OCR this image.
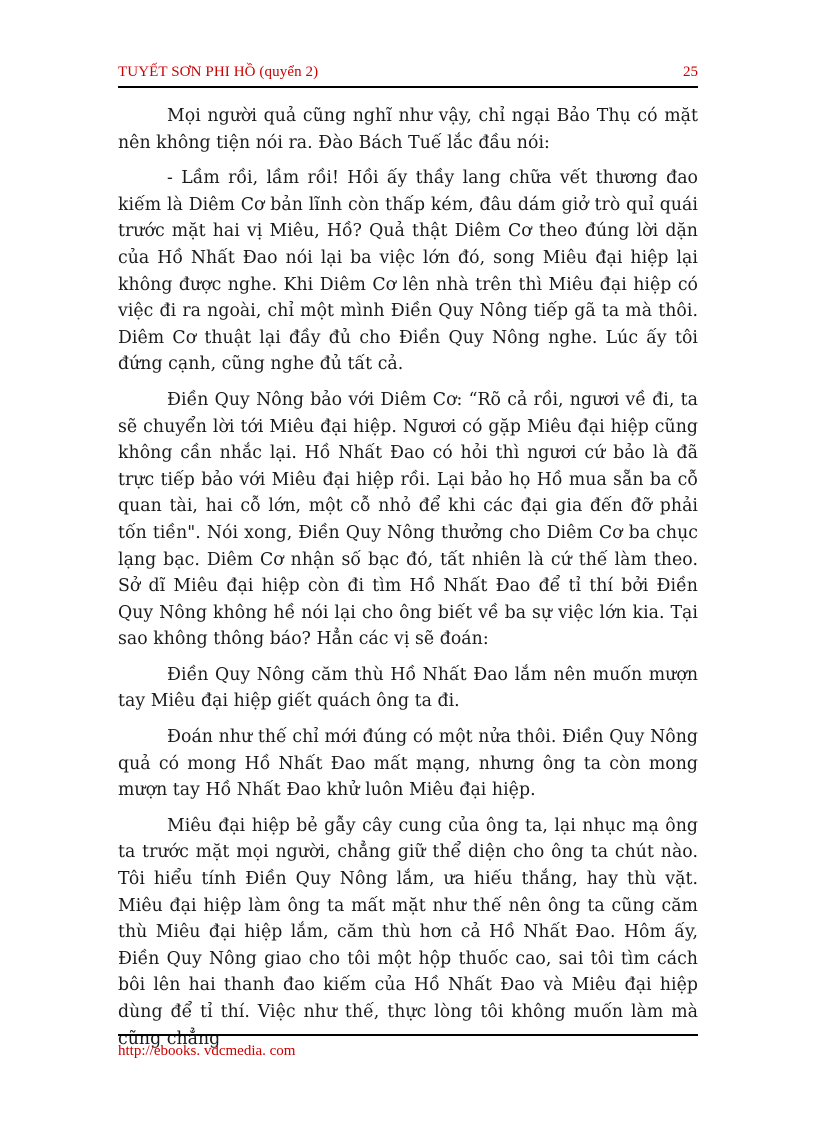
TUYẾT SƠN PHI HỒ (quyển 2)	25

Mọi người quả cũng nghĩ như vậy, chỉ ngại Bảo Thụ có mặt nên không tiện nói ra. Đào Bách Tuế lắc đầu nói:

- Lầm rồi, lầm rồi! Hồi ấy thầy lang chữa vết thương đao kiếm là Diêm Cơ bản lĩnh còn thấp kém, đâu dám giở trò quỉ quái trước mặt hai vị Miêu, Hồ? Quả thật Diêm Cơ theo đúng lời dặn của Hồ Nhất Đao nói lại ba việc lớn đó, song Miêu đại hiệp lại không được nghe. Khi Diêm Cơ lên nhà trên thì Miêu đại hiệp có việc đi ra ngoài, chỉ một mình Điền Quy Nông tiếp gã ta mà thôi. Diêm Cơ thuật lại đầy đủ cho Điền Quy Nông nghe. Lúc ấy tôi đứng cạnh, cũng nghe đủ tất cả.

Điền Quy Nông bảo với Diêm Cơ: “Rõ cả rồi, ngươi về đi, ta sẽ chuyển lời tới Miêu đại hiệp. Ngươi có gặp Miêu đại hiệp cũng không cần nhắc lại. Hồ Nhất Đao có hỏi thì ngươi cứ bảo là đã trực tiếp bảo với Miêu đại hiệp rồi. Lại bảo họ Hồ mua sẵn ba cỗ quan tài, hai cỗ lớn, một cỗ nhỏ để khi các đại gia đến đỡ phải tốn tiền". Nói xong, Điền Quy Nông thưởng cho Diêm Cơ ba chục lạng bạc. Diêm Cơ nhận số bạc đó, tất nhiên là cứ thế làm theo. Sở dĩ Miêu đại hiệp còn đi tìm Hồ Nhất Đao để tỉ thí bởi Điền Quy Nông không hề nói lại cho ông biết về ba sự việc lớn kia. Tại sao không thông báo? Hẳn các vị sẽ đoán:

Điền Quy Nông căm thù Hồ Nhất Đao lắm nên muốn mượn tay Miêu đại hiệp giết quách ông ta đi.

Đoán như thế chỉ mới đúng có một nửa thôi. Điền Quy Nông quả có mong Hồ Nhất Đao mất mạng, nhưng ông ta còn mong mượn tay Hồ Nhất Đao khử luôn Miêu đại hiệp.

Miêu đại hiệp bẻ gẫy cây cung của ông ta, lại nhục mạ ông ta trước mặt mọi người, chẳng giữ thể diện cho ông ta chút nào. Tôi hiểu tính Điền Quy Nông lắm, ưa hiếu thắng, hay thù vặt. Miêu đại hiệp làm ông ta mất mặt như thế nên ông ta cũng căm thù Miêu đại hiệp lắm, căm thù hơn cả Hồ Nhất Đao. Hôm ấy, Điền Quy Nông giao cho tôi một hộp thuốc cao, sai tôi tìm cách bôi lên hai thanh đao kiếm của Hồ Nhất Đao và Miêu đại hiệp dùng để tỉ thí. Việc như thế, thực lòng tôi không muốn làm mà cũng chẳng

http://ebooks. vdcmedia. com
